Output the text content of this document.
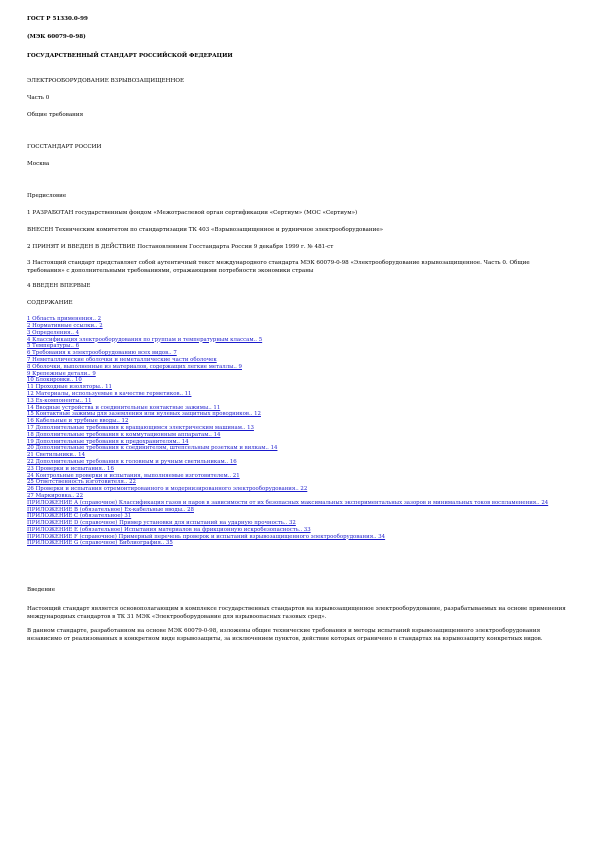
ГОСТ Р 51330.0-99
(МЭК 60079-0-98)
ГОСУДАРСТВЕННЫЙ СТАНДАРТ РОССИЙСКОЙ ФЕДЕРАЦИИ
ЭЛЕКТРООБОРУДОВАНИЕ ВЗРЫВОЗАЩИЩЕННОЕ
Часть 0
Общие требования
ГОССТАНДАРТ РОССИИ
Москва
Предисловие
1 РАЗРАБОТАН государственным фондом «Межотраслевой орган сертификации «Сертиум» (МОС «Сертиум»)
ВНЕСЕН Техническим комитетом по стандартизации ТК 403 «Взрывозащищенное и рудничное электрооборудование»
2 ПРИНЯТ И ВВЕДЕН В ДЕЙСТВИЕ Постановлением Госстандарта России 9 декабря 1999 г. № 481-ст
3 Настоящий стандарт представляет собой аутентичный текст международного стандарта МЭК 60079-0-98 «Электрооборудование взрывозащищенное. Часть 0. Общие требования» с дополнительными требованиями, отражающими потребности экономики страны
4 ВВЕДЕН ВПЕРВЫЕ
СОДЕРЖАНИЕ
1 Область применения.. 2
2 Нормативные ссылки.. 2
3 Определения.. 4
4 Классификация электрооборудования по группам и температурным классам.. 5
5 Температуры.. 6
6 Требования к электрооборудованию всех видов.. 7
7 Неметаллические оболочки и неметаллические части оболочек
8 Оболочки, выполненные из материалов, содержащих легкие металлы.. 9
9 Крепежные детали.. 9
10 Блокировки.. 10
11 Проходные изоляторы.. 11
12 Материалы, используемые в качестве герметиков.. 11
13 Ex-компоненты.. 11
14 Вводные устройства и соединительные контактные зажимы.. 11
15 Контактные зажимы для заземления или нулевых защитных проводников.. 12
16 Кабельные и трубные вводы.. 12
17 Дополнительные требования к вращающимся электрическим машинам.. 13
18 Дополнительные требования к коммутационным аппаратам.. 14
19 Дополнительные требования к предохранителям.. 14
20 Дополнительные требования к соединителям, штепсельным розеткам и вилкам.. 14
21 Светильники.. 14
22 Дополнительные требования к головным и ручным светильникам.. 16
23 Проверки и испытания.. 16
24 Контрольные проверки и испытания, выполняемые изготовителем.. 21
25 Ответственность изготовителя.. 22
26 Проверки и испытания отремонтированного и модернизированного электрооборудования.. 22
27 Маркировка.. 22
ПРИЛОЖЕНИЕ А (справочное) Классификация газов и паров в зависимости от их безопасных максимальных экспериментальных зазоров и минимальных токов воспламенения.. 24
ПРИЛОЖЕНИЕ В (обязательное) Ex-кабельные вводы.. 28
ПРИЛОЖЕНИЕ С (обязательное) 31
ПРИЛОЖЕНИЕ D (справочное) Пример установки для испытаний на ударную прочность.. 32
ПРИЛОЖЕНИЕ Е (обязательное) Испытания материалов на фрикционную искробезопасность.. 33
ПРИЛОЖЕНИЕ F (справочное) Примерный перечень проверок и испытаний взрывозащищенного электрооборудования.. 34
ПРИЛОЖЕНИЕ G (справочное) Библиография.. 35
Введение
Настоящий стандарт является основополагающим в комплексе государственных стандартов на взрывозащищенное электрооборудование, разрабатываемых на основе применения международных стандартов в ТК 31 МЭК «Электрооборудование для взрывоопасных газовых сред».
В данном стандарте, разработанном на основе МЭК 60079-0-98, изложены общие технические требования и методы испытаний взрывозащищенного электрооборудования независимо от реализованных в конкретном виде взрывозащиты, за исключением пунктов, действие которых ограничено в стандартах на взрывозащиту конкретных видов.
